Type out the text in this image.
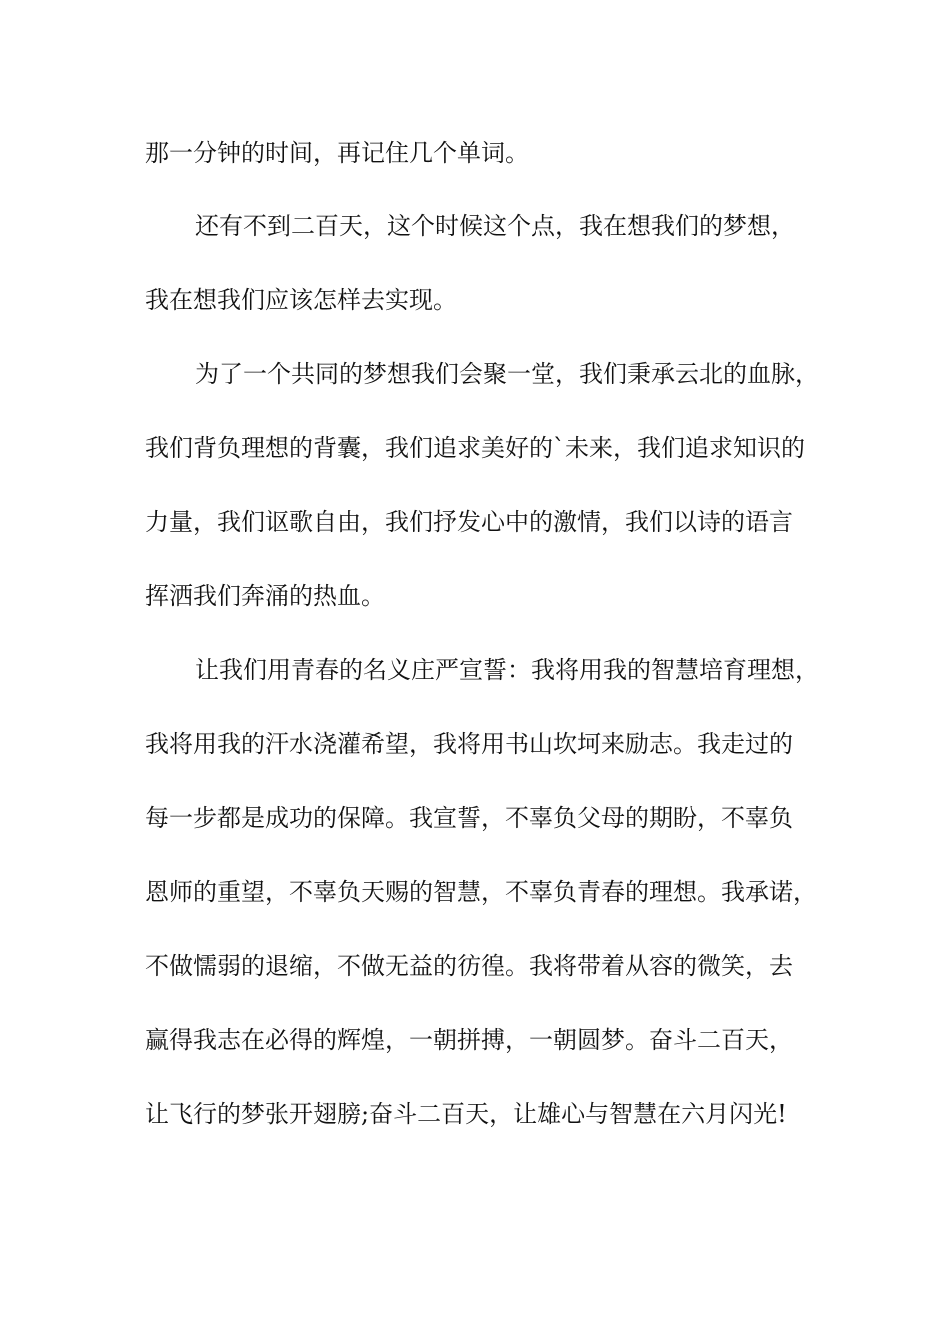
那一分钟的时间，再记住几个单词。

还有不到二百天，这个时候这个点，我在想我们的梦想，

我在想我们应该怎样去实现。

为了一个共同的梦想我们会聚一堂，我们秉承云北的血脉，

我们背负理想的背囊，我们追求美好的`未来，我们追求知识的

力量，我们讴歌自由，我们抒发心中的激情，我们以诗的语言

挥洒我们奔涌的热血。

让我们用青春的名义庄严宣誓：我将用我的智慧培育理想，

我将用我的汗水浇灌希望，我将用书山坎坷来励志。我走过的

每一步都是成功的保障。我宣誓，不辜负父母的期盼，不辜负

恩师的重望，不辜负天赐的智慧，不辜负青春的理想。我承诺，

不做懦弱的退缩，不做无益的彷徨。我将带着从容的微笑，去

赢得我志在必得的辉煌，一朝拼搏，一朝圆梦。奋斗二百天，

让飞行的梦张开翅膀;奋斗二百天，让雄心与智慧在六月闪光!
